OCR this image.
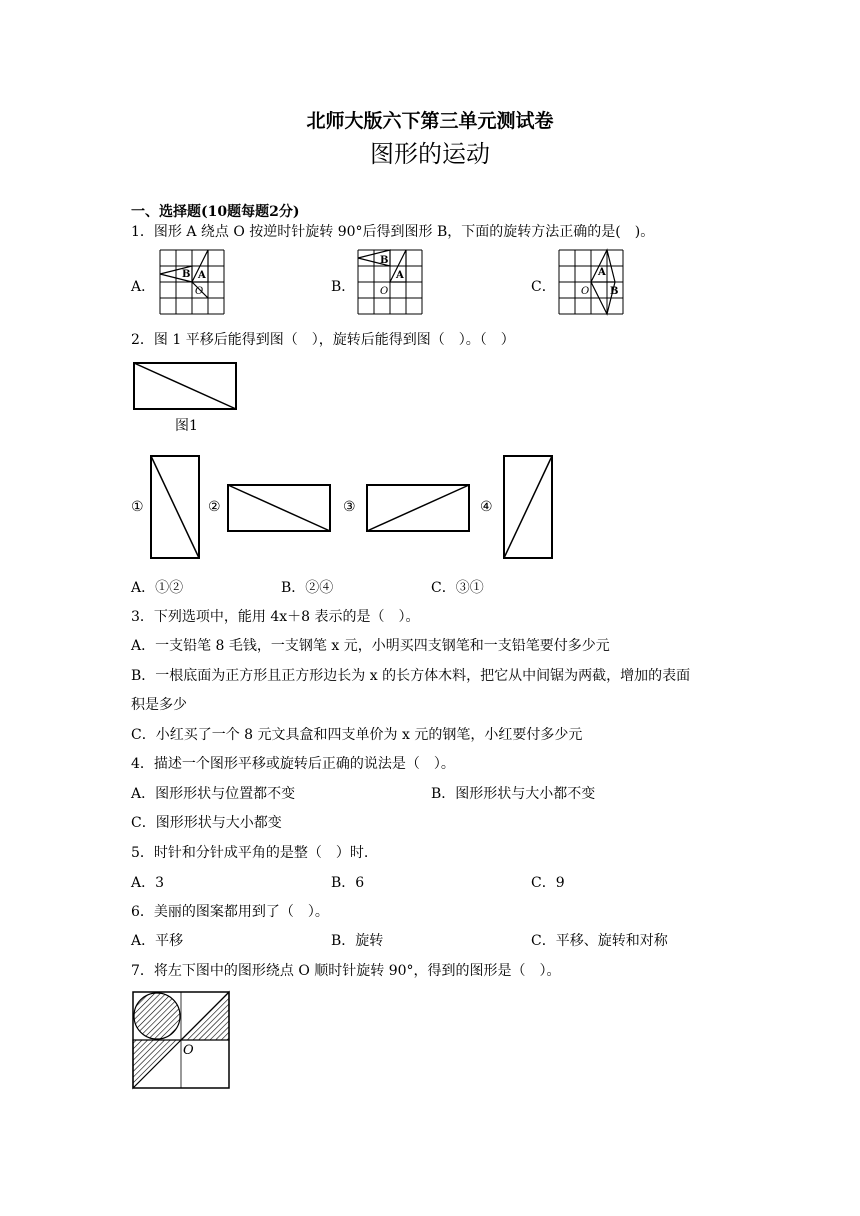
北师大版六下第三单元测试卷
图形的运动
一、选择题(10题每题2分)
1．图形 A 绕点 O 按逆时针旋转 90°后得到图形 B，下面的旋转方法正确的是(　)。
A．	B．	C．
A
B
O
A
B
O
A
B
O
2．图 1 平移后能得到图（　），旋转后能得到图（　）。（　）
图1
①	②	③	④
A．①②	B．②④	C．③①
3．下列选项中，能用 4x＋8 表示的是（　）。
A．一支铅笔 8 毛钱，一支钢笔 x 元，小明买四支钢笔和一支铅笔要付多少元
B．一根底面为正方形且正方形边长为 x 的长方体木料，把它从中间锯为两截，增加的表面
积是多少
C．小红买了一个 8 元文具盒和四支单价为 x 元的钢笔，小红要付多少元
4．描述一个图形平移或旋转后正确的说法是（　）。
A．图形形状与位置都不变	B．图形形状与大小都不变
C．图形形状与大小都变
5．时针和分针成平角的是整（　）时.
A．3	B．6	C．9
6．美丽的图案都用到了（　）。
A．平移	B．旋转	C．平移、旋转和对称
7．将左下图中的图形绕点 O 顺时针旋转 90°，得到的图形是（　）。
O
